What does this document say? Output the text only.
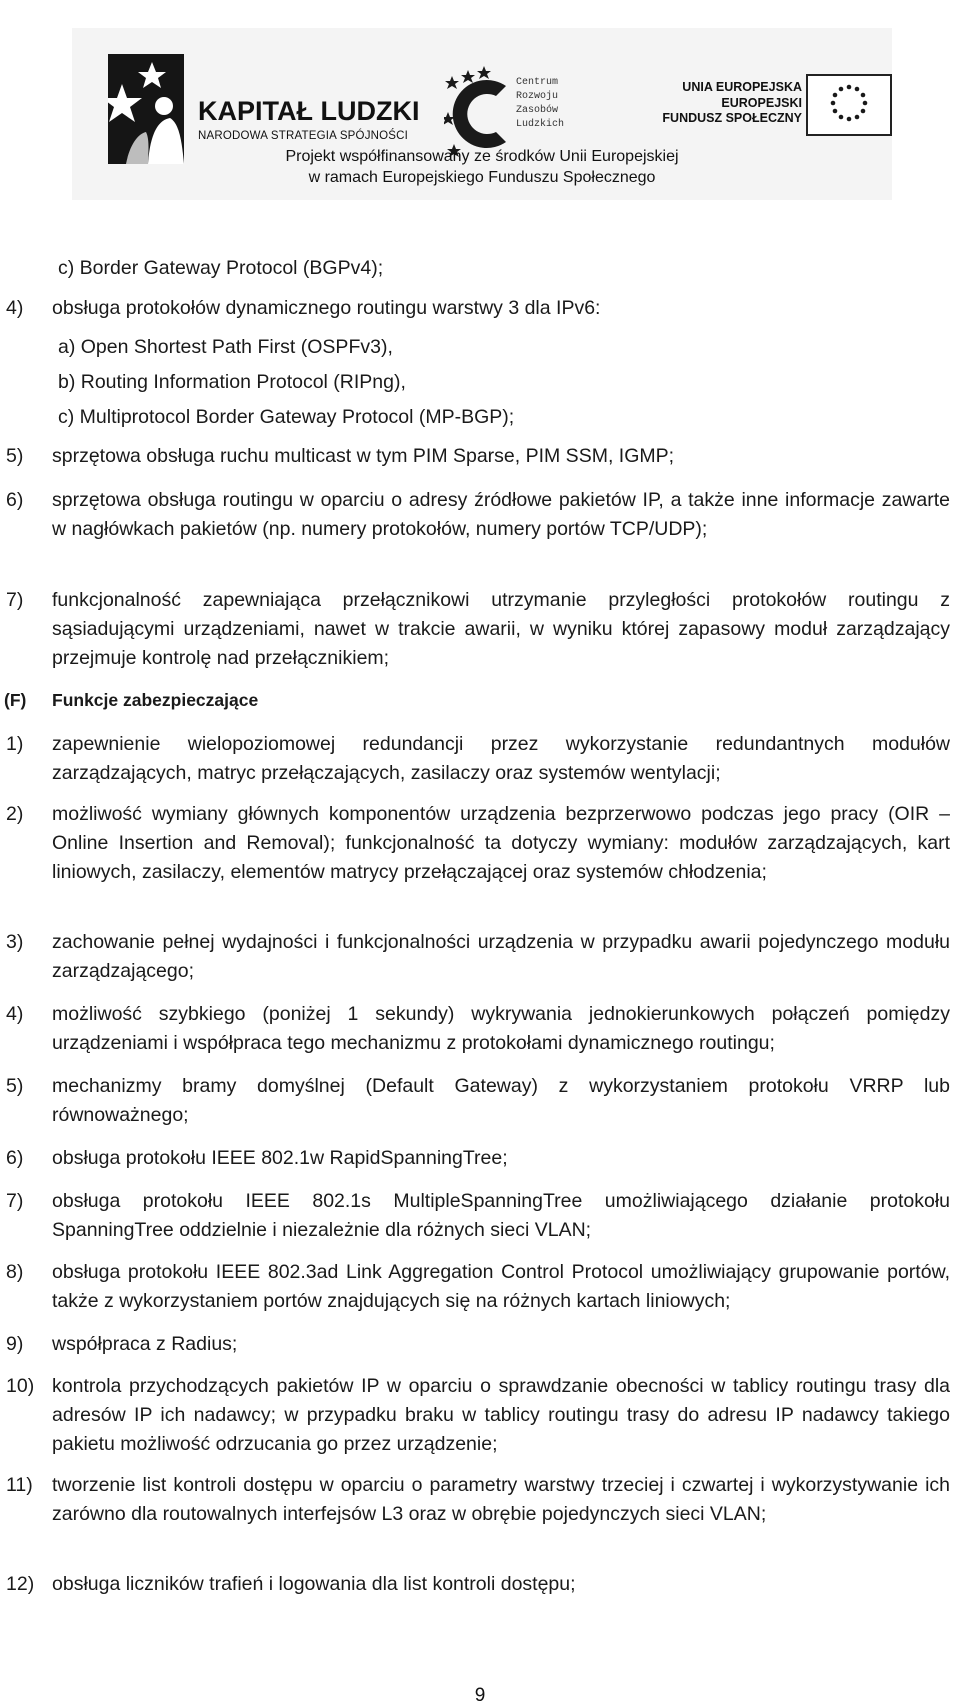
KAPITAŁ LUDZKI
NARODOWA STRATEGIA SPÓJNOŚCI
Centrum
Rozwoju
Zasobów
Ludzkich
UNIA EUROPEJSKA
EUROPEJSKI
FUNDUSZ SPOŁECZNY
Projekt współfinansowany ze środków Unii Europejskiej
w ramach Europejskiego Funduszu Społecznego
c) Border Gateway Protocol (BGPv4);
4)	obsługa protokołów dynamicznego routingu warstwy 3 dla IPv6:
a) Open Shortest Path First (OSPFv3),
b) Routing Information Protocol (RIPng),
c) Multiprotocol Border Gateway Protocol (MP-BGP);
5)	sprzętowa obsługa ruchu multicast w tym PIM Sparse, PIM SSM, IGMP;
6)	sprzętowa obsługa routingu w oparciu o adresy źródłowe pakietów IP, a także inne informacje zawarte w nagłówkach pakietów (np. numery protokołów, numery portów TCP/UDP);
7)	funkcjonalność zapewniająca przełącznikowi utrzymanie przyległości protokołów routingu z sąsiadującymi urządzeniami, nawet w trakcie awarii, w wyniku której zapasowy moduł zarządzający przejmuje kontrolę nad przełącznikiem;
(F)	Funkcje zabezpieczające
1)	zapewnienie wielopoziomowej redundancji przez wykorzystanie redundantnych modułów zarządzających, matryc przełączających, zasilaczy oraz systemów wentylacji;
2)	możliwość wymiany głównych komponentów urządzenia bezprzerwowo podczas jego pracy (OIR – Online Insertion and Removal); funkcjonalność ta dotyczy wymiany: modułów zarządzających, kart liniowych, zasilaczy, elementów matrycy przełączającej oraz systemów chłodzenia;
3)	zachowanie pełnej wydajności i funkcjonalności urządzenia w przypadku awarii pojedynczego modułu zarządzającego;
4)	możliwość szybkiego (poniżej 1 sekundy) wykrywania jednokierunkowych połączeń pomiędzy urządzeniami i współpraca tego mechanizmu z protokołami dynamicznego routingu;
5)	mechanizmy bramy domyślnej (Default Gateway) z wykorzystaniem protokołu VRRP lub równoważnego;
6)	obsługa protokołu IEEE 802.1w RapidSpanningTree;
7)	obsługa protokołu IEEE 802.1s MultipleSpanningTree umożliwiającego działanie protokołu SpanningTree oddzielnie i niezależnie dla różnych sieci VLAN;
8)	obsługa protokołu IEEE 802.3ad Link Aggregation Control Protocol umożliwiający grupowanie portów, także z wykorzystaniem portów znajdujących się na różnych kartach liniowych;
9)	współpraca z Radius;
10) kontrola przychodzących pakietów IP w oparciu o sprawdzanie obecności w tablicy routingu trasy dla adresów IP ich nadawcy; w przypadku braku w tablicy routingu trasy do adresu IP nadawcy takiego pakietu możliwość odrzucania go przez urządzenie;
11) tworzenie list kontroli dostępu w oparciu o parametry warstwy trzeciej i czwartej i wykorzystywanie ich zarówno dla routowalnych interfejsów L3 oraz w obrębie pojedynczych sieci VLAN;
12) obsługa liczników trafień i logowania dla list kontroli dostępu;
9
